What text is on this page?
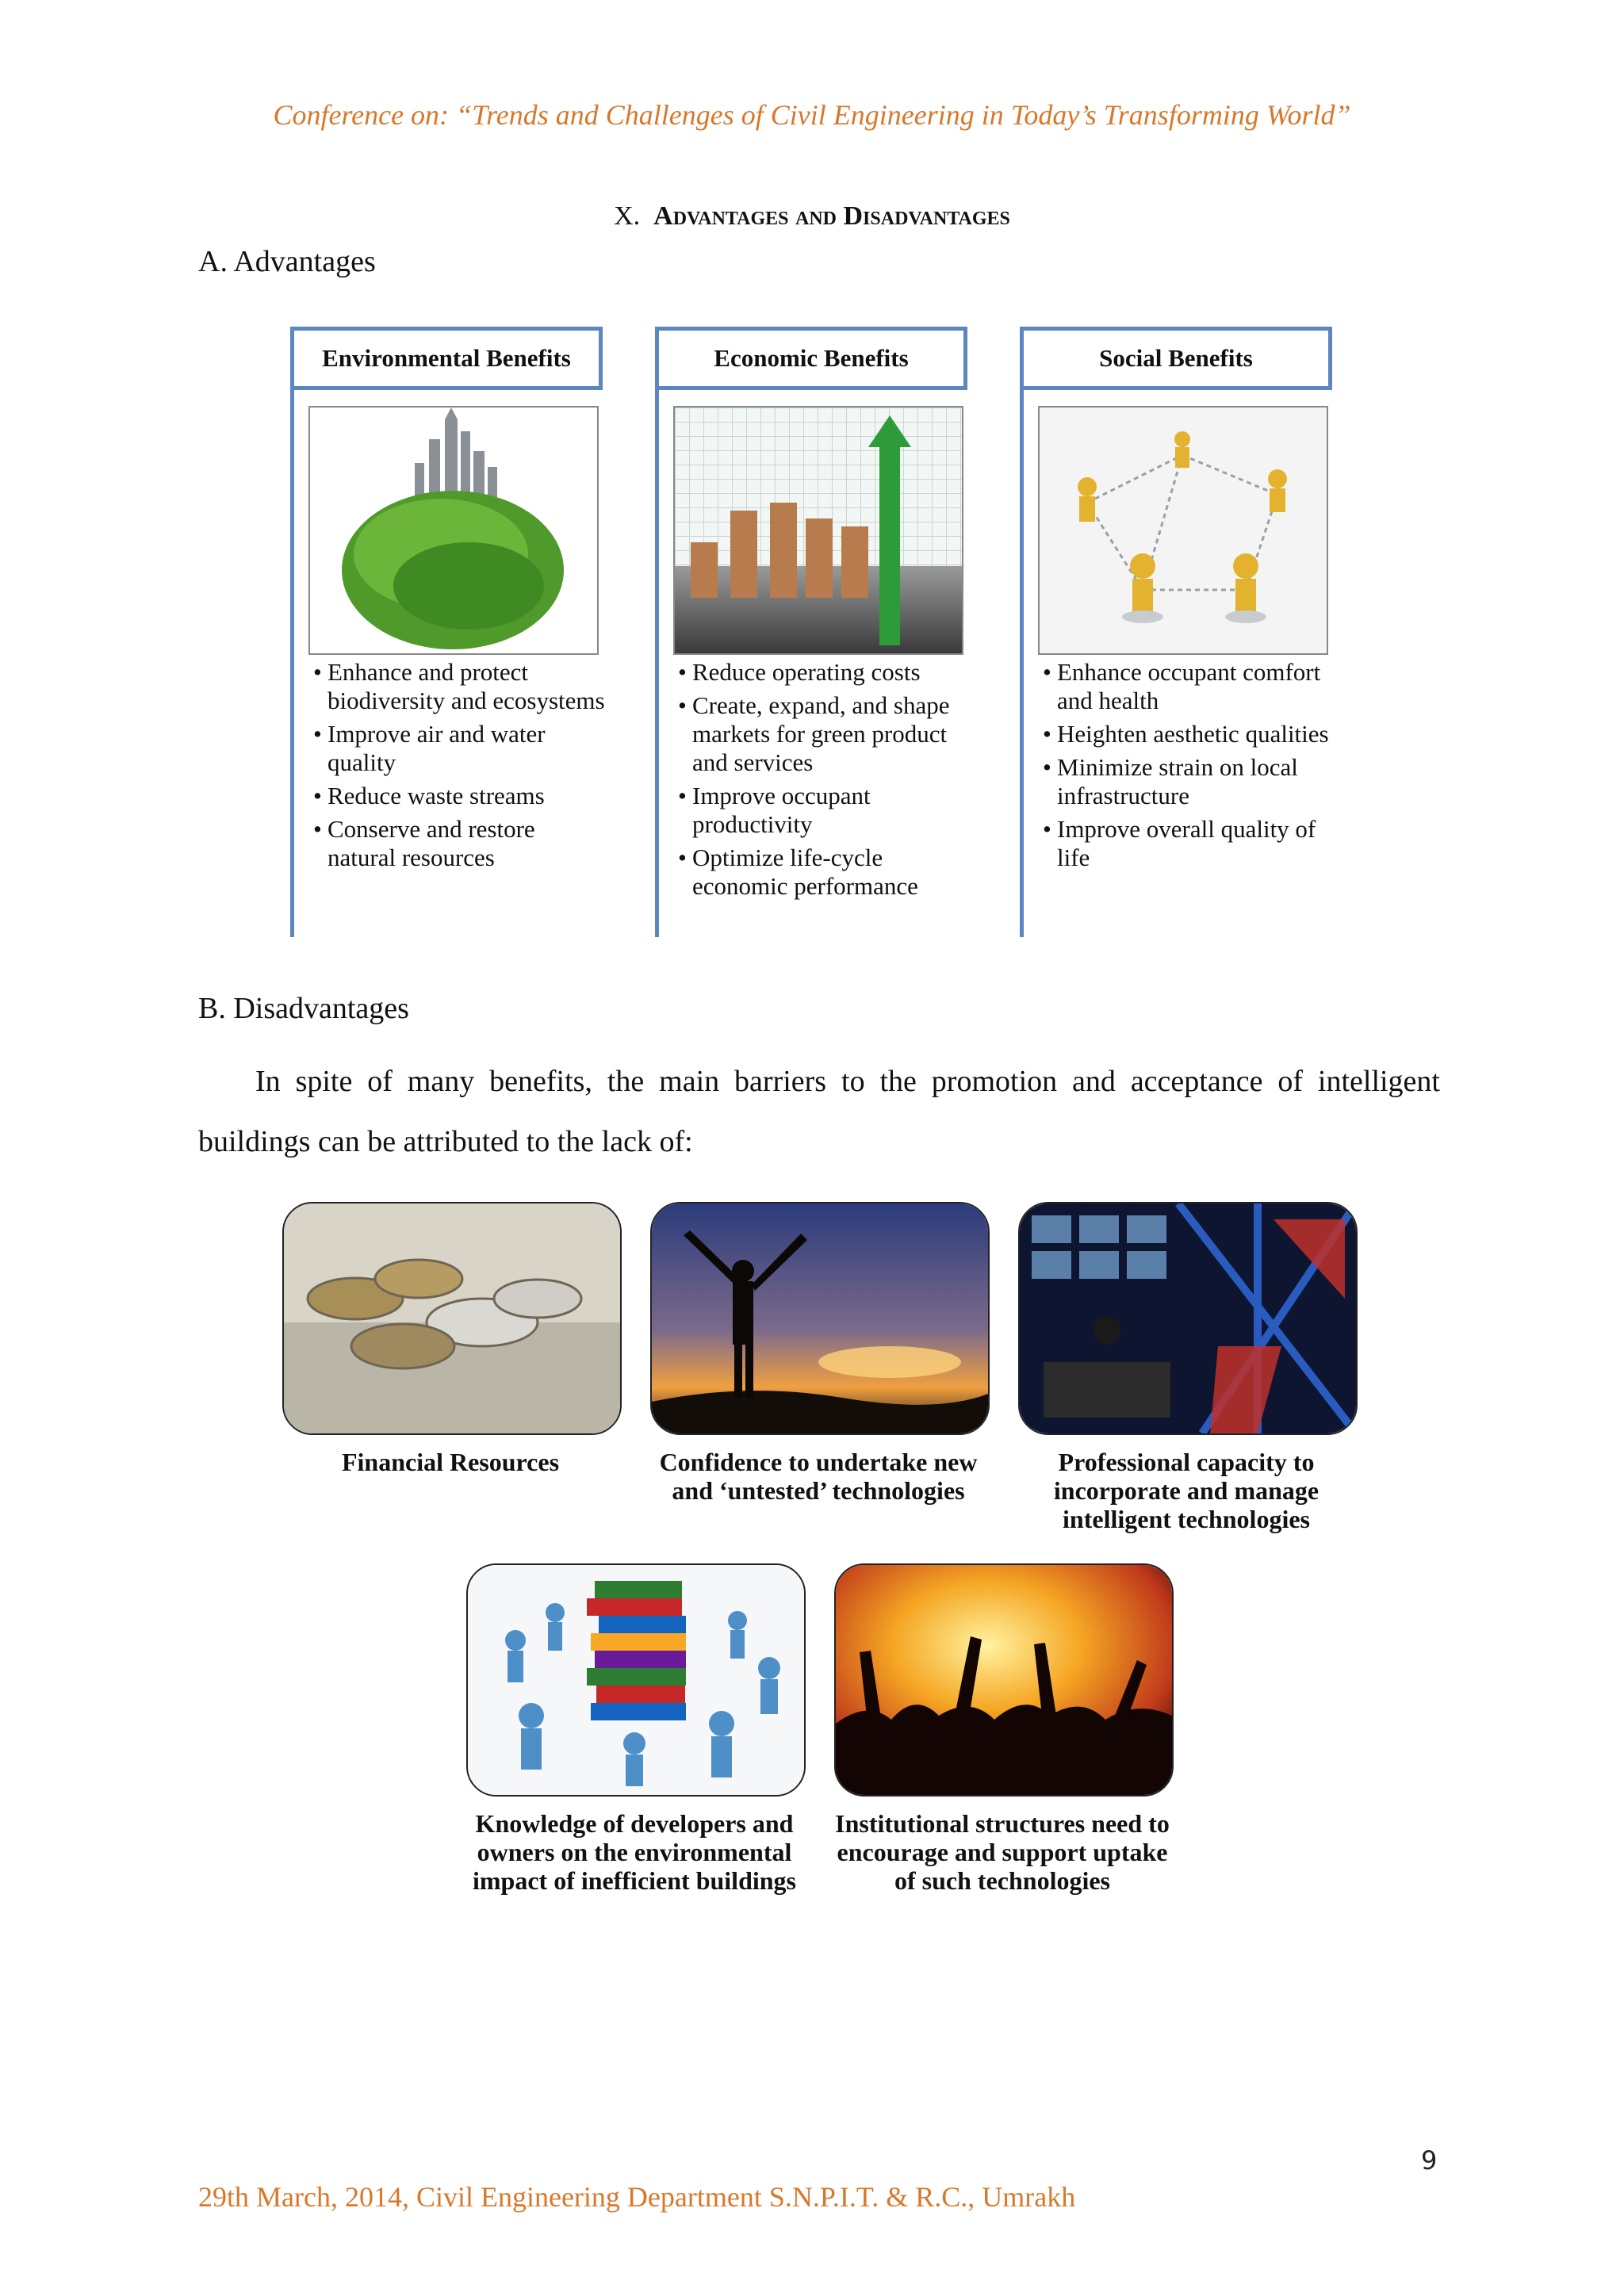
Conference on: “Trends and Challenges of Civil Engineering in Today’s Transforming World”
X. Advantages and Disadvantages
A. Advantages
Environmental Benefits
• Enhance and protect biodiversity and ecosystems
• Improve air and water quality
• Reduce waste streams
• Conserve and restore natural resources
Economic Benefits
• Reduce operating costs
• Create, expand, and shape markets for green product and services
• Improve occupant productivity
• Optimize life-cycle economic performance
Social Benefits
• Enhance occupant comfort and health
• Heighten aesthetic qualities
• Minimize strain on local infrastructure
• Improve overall quality of life
B. Disadvantages
In spite of many benefits, the main barriers to the promotion and acceptance of intelligent buildings can be attributed to the lack of:
Financial Resources	Confidence to undertake new and ‘untested’ technologies
Professional capacity to incorporate and manage intelligent technologies
Knowledge of developers and owners on the environmental impact of inefficient buildings
Institutional structures need to encourage and support uptake of such technologies
9
29th March, 2014, Civil Engineering Department S.N.P.I.T. & R.C., Umrakh
